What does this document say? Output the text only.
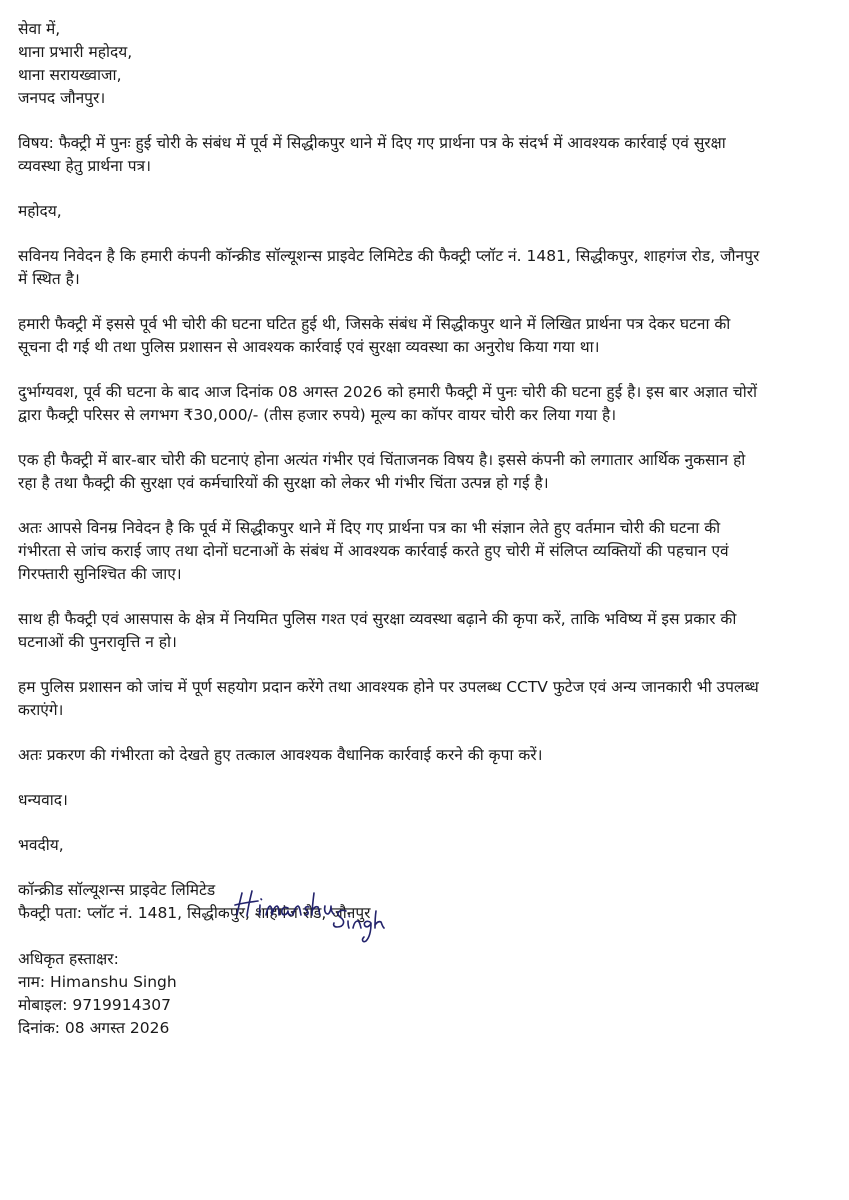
सेवा में,
थाना प्रभारी महोदय,
थाना सरायख्वाजा,
जनपद जौनपुर।
विषय: फैक्ट्री में पुनः हुई चोरी के संबंध में पूर्व में सिद्धीकपुर थाने में दिए गए प्रार्थना पत्र के संदर्भ में आवश्यक कार्रवाई एवं सुरक्षा
व्यवस्था हेतु प्रार्थना पत्र।
महोदय,
सविनय निवेदन है कि हमारी कंपनी कॉन्क्रीड सॉल्यूशन्स प्राइवेट लिमिटेड की फैक्ट्री प्लॉट नं. 1481, सिद्धीकपुर, शाहगंज रोड, जौनपुर
में स्थित है।
हमारी फैक्ट्री में इससे पूर्व भी चोरी की घटना घटित हुई थी, जिसके संबंध में सिद्धीकपुर थाने में लिखित प्रार्थना पत्र देकर घटना की
सूचना दी गई थी तथा पुलिस प्रशासन से आवश्यक कार्रवाई एवं सुरक्षा व्यवस्था का अनुरोध किया गया था।
दुर्भाग्यवश, पूर्व की घटना के बाद आज दिनांक 08 अगस्त 2026 को हमारी फैक्ट्री में पुनः चोरी की घटना हुई है। इस बार अज्ञात चोरों
द्वारा फैक्ट्री परिसर से लगभग ₹30,000/- (तीस हजार रुपये) मूल्य का कॉपर वायर चोरी कर लिया गया है।
एक ही फैक्ट्री में बार-बार चोरी की घटनाएं होना अत्यंत गंभीर एवं चिंताजनक विषय है। इससे कंपनी को लगातार आर्थिक नुकसान हो
रहा है तथा फैक्ट्री की सुरक्षा एवं कर्मचारियों की सुरक्षा को लेकर भी गंभीर चिंता उत्पन्न हो गई है।
अतः आपसे विनम्र निवेदन है कि पूर्व में सिद्धीकपुर थाने में दिए गए प्रार्थना पत्र का भी संज्ञान लेते हुए वर्तमान चोरी की घटना की
गंभीरता से जांच कराई जाए तथा दोनों घटनाओं के संबंध में आवश्यक कार्रवाई करते हुए चोरी में संलिप्त व्यक्तियों की पहचान एवं
गिरफ्तारी सुनिश्चित की जाए।
साथ ही फैक्ट्री एवं आसपास के क्षेत्र में नियमित पुलिस गश्त एवं सुरक्षा व्यवस्था बढ़ाने की कृपा करें, ताकि भविष्य में इस प्रकार की
घटनाओं की पुनरावृत्ति न हो।
हम पुलिस प्रशासन को जांच में पूर्ण सहयोग प्रदान करेंगे तथा आवश्यक होने पर उपलब्ध CCTV फुटेज एवं अन्य जानकारी भी उपलब्ध
कराएंगे।
अतः प्रकरण की गंभीरता को देखते हुए तत्काल आवश्यक वैधानिक कार्रवाई करने की कृपा करें।
धन्यवाद।
भवदीय,
कॉन्क्रीड सॉल्यूशन्स प्राइवेट लिमिटेड
फैक्ट्री पता: प्लॉट नं. 1481, सिद्धीकपुर, शाहगंज रोड, जौनपुर
अधिकृत हस्ताक्षर:
नाम: Himanshu Singh
मोबाइल: 9719914307
दिनांक: 08 अगस्त 2026
